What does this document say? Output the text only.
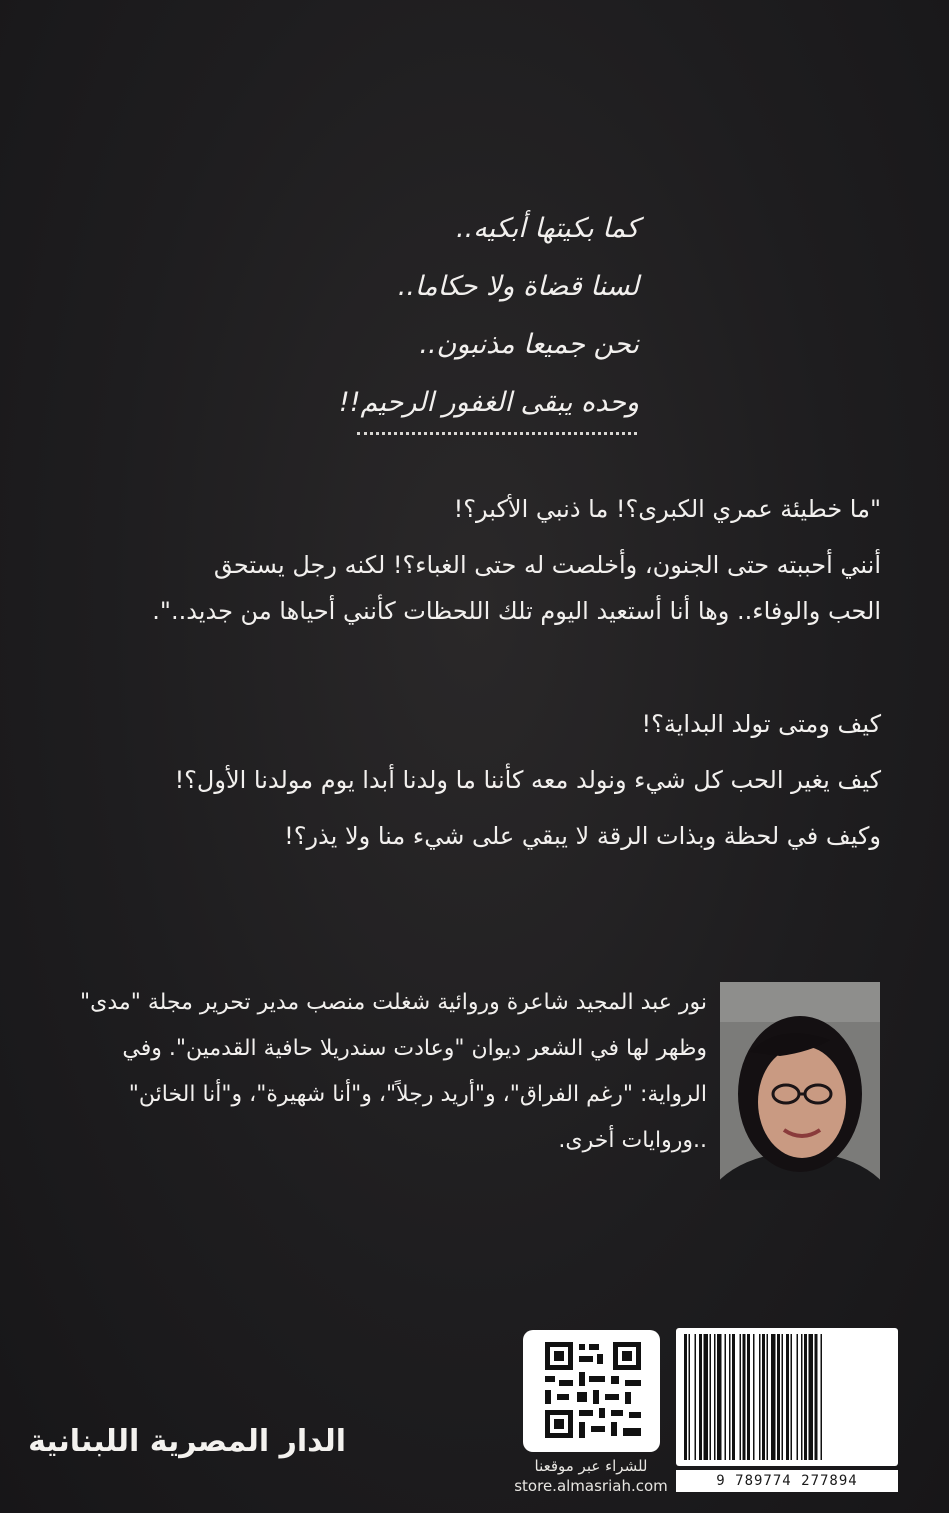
كما بكيتها أبكيه..
لسنا قضاة ولا حكاما..
نحن جميعا مذنبون..
وحده يبقى الغفور الرحيم!!

"ما خطيئة عمري الكبرى؟! ما ذنبي الأكبر؟!

أنني أحببته حتى الجنون، وأخلصت له حتى الغباء؟! لكنه رجل يستحق

الحب والوفاء.. وها أنا أستعيد اليوم تلك اللحظات كأنني أحياها من جديد..".

كيف ومتى تولد البداية؟!

كيف يغير الحب كل شيء ونولد معه كأننا ما ولدنا أبدا يوم مولدنا الأول؟!

وكيف في لحظة وبذات الرقة لا يبقي على شيء منا ولا يذر؟!

نور عبد المجيد شاعرة وروائية شغلت منصب مدير تحرير مجلة "مدى"

وظهر لها في الشعر ديوان "وعادت سندريلا حافية القدمين". وفي

الرواية: "رغم الفراق"، و"أريد رجلاً"، و"أنا شهيرة"، و"أنا الخائن"

..وروايات أخرى.

للشراء عبر موقعنا
store.almasriah.com	9 789774 277894
الدار المصرية اللبنانية
